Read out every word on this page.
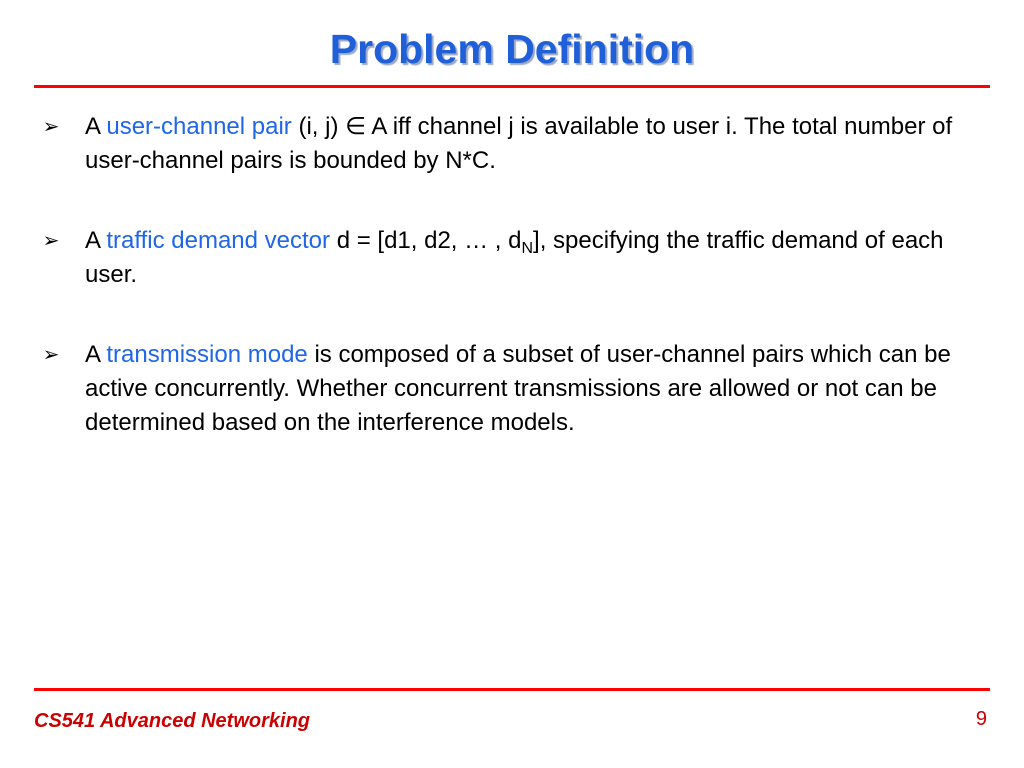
Problem Definition
➢ A user-channel pair (i, j) ∈ A iff channel j is available to user i. The total number of user-channel pairs is bounded by N*C.
➢ A traffic demand vector d = [d1, d2, … , $d_N$], specifying the traffic demand of each user.
➢ A transmission mode is composed of a subset of user-channel pairs which can be active concurrently. Whether concurrent transmissions are allowed or not can be determined based on the interference models.
CS541 Advanced Networking	9
